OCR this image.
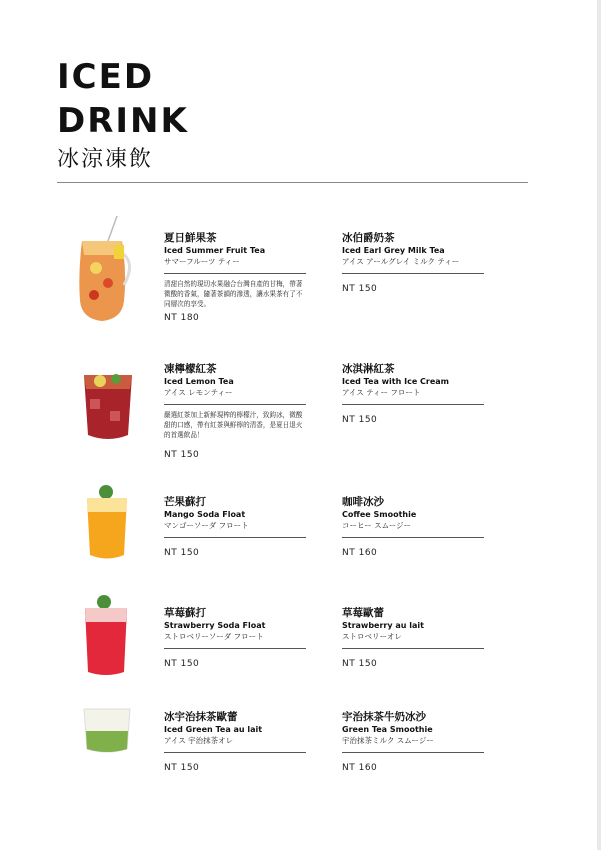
ICED
DRINK
冰涼凍飲
夏日鮮果茶
Iced Summer Fruit Tea
サマーフルーツ ティー
清甜自然的現切水果融合台灣自產的甘梅，帶著微酸的香氣，隨著茶韻的滲透，讓水果茶有了不同層次的享受。
NT 180
冰伯爵奶茶
Iced Earl Grey Milk Tea
アイス アールグレイ ミルク ティー
NT 150
凍檸檬紅茶
Iced Lemon Tea
アイス レモンティー
嚴選紅茶加上新鮮現榨的檸檬汁，致鈞冰，微酸甜的口感，帶有紅茶與鮮檸的清香，是夏日退火的首選飲品！
NT 150
冰淇淋紅茶
Iced Tea with Ice Cream
アイス ティー フロート
NT 150
芒果蘇打
Mango Soda Float
マンゴーソーダ フロート
NT 150
咖啡冰沙
Coffee Smoothie
コーヒー スムージー
NT 160
草莓蘇打
Strawberry Soda Float
ストロベリーソーダ フロート
NT 150
草莓歐蕾
Strawberry au lait
ストロベリーオレ
NT 150
冰宇治抹茶歐蕾
Iced Green Tea au lait
アイス 宇治抹茶オレ
NT 150
宇治抹茶牛奶冰沙
Green Tea Smoothie
宇治抹茶ミルク スムージー
NT 160
